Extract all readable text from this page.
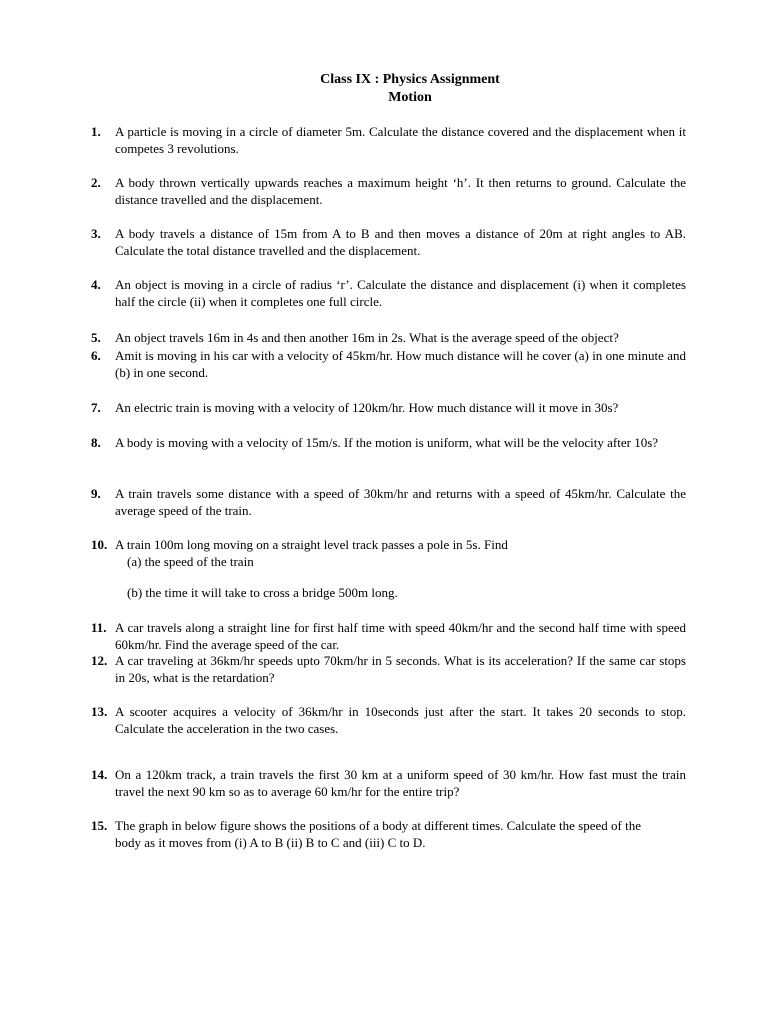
Class IX : Physics Assignment
Motion
1. A particle is moving in a circle of diameter 5m. Calculate the distance covered and the displacement when it competes 3 revolutions.
2. A body thrown vertically upwards reaches a maximum height ‘h’. It then returns to ground. Calculate the distance travelled and the displacement.
3. A body travels a distance of 15m from A to B and then moves a distance of 20m at right angles to AB. Calculate the total distance travelled and the displacement.
4. An object is moving in a circle of radius ‘r’. Calculate the distance and displacement (i) when it completes half the circle (ii) when it completes one full circle.
5. An object travels 16m in 4s and then another 16m in 2s. What is the average speed of the object?
6. Amit is moving in his car with a velocity of 45km/hr. How much distance will he cover (a) in one minute and (b) in one second.
7. An electric train is moving with a velocity of 120km/hr. How much distance will it move in 30s?
8. A body is moving with a velocity of 15m/s. If the motion is uniform, what will be the velocity after 10s?
9. A train travels some distance with a speed of 30km/hr and returns with a speed of 45km/hr. Calculate the average speed of the train.
10. A train 100m long moving on a straight level track passes a pole in 5s. Find
(a) the speed of the train
(b) the time it will take to cross a bridge 500m long.
11. A car travels along a straight line for first half time with speed 40km/hr and the second half time with speed 60km/hr. Find the average speed of the car.
12. A car traveling at 36km/hr speeds upto 70km/hr in 5 seconds. What is its acceleration? If the same car stops in 20s, what is the retardation?
13. A scooter acquires a velocity of 36km/hr in 10seconds just after the start. It takes 20 seconds to stop. Calculate the acceleration in the two cases.
14. On a 120km track, a train travels the first 30 km at a uniform speed of 30 km/hr. How fast must the train travel the next 90 km so as to average 60 km/hr for the entire trip?
15. The graph in below figure shows the positions of a body at different times. Calculate the speed of the body as it moves from (i) A to B (ii) B to C and (iii) C to D.
